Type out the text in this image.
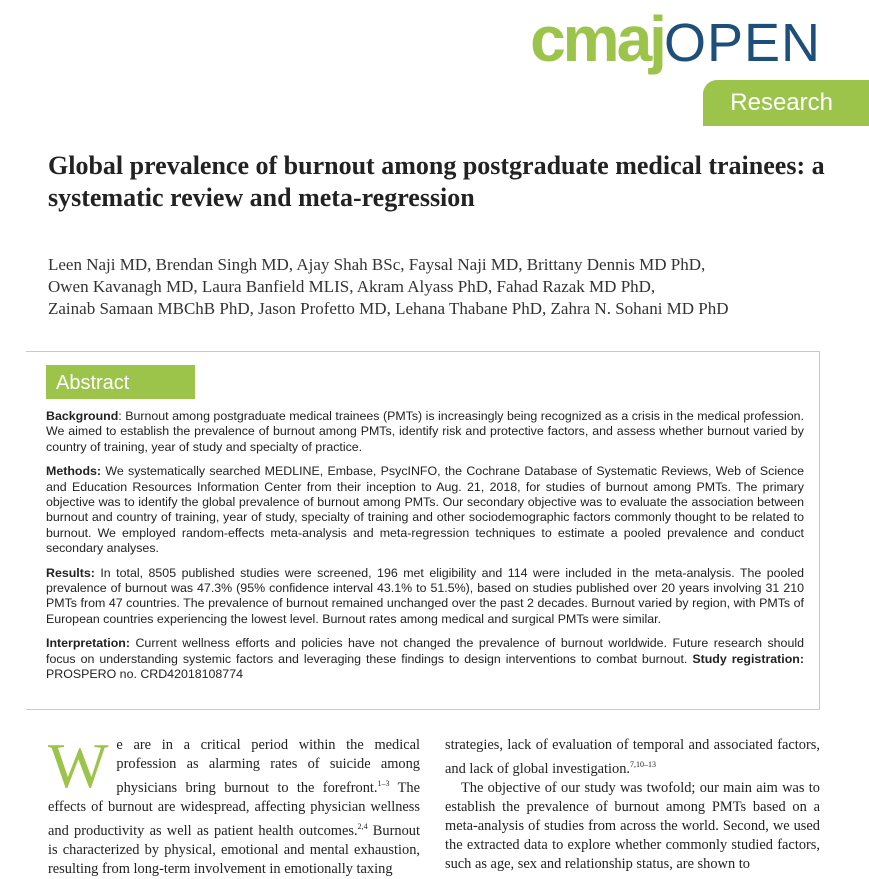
cmajOPEN
Research
Global prevalence of burnout among postgraduate medical trainees: a systematic review and meta-regression
Leen Naji MD, Brendan Singh MD, Ajay Shah BSc, Faysal Naji MD, Brittany Dennis MD PhD,
Owen Kavanagh MD, Laura Banfield MLIS, Akram Alyass PhD, Fahad Razak MD PhD,
Zainab Samaan MBChB PhD, Jason Profetto MD, Lehana Thabane PhD, Zahra N. Sohani MD PhD
Abstract

Background: Burnout among postgraduate medical trainees (PMTs) is increasingly being recognized as a crisis in the medical profession. We aimed to establish the prevalence of burnout among PMTs, identify risk and protective factors, and assess whether burnout varied by country of training, year of study and specialty of practice.

Methods: We systematically searched MEDLINE, Embase, PsycINFO, the Cochrane Database of Systematic Reviews, Web of Science and Education Resources Information Center from their inception to Aug. 21, 2018, for studies of burnout among PMTs. The primary objective was to identify the global prevalence of burnout among PMTs. Our secondary objective was to evaluate the association between burnout and country of training, year of study, specialty of training and other sociodemographic factors commonly thought to be related to burnout. We employed random-effects meta-analysis and meta-regression techniques to estimate a pooled prevalence and conduct secondary analyses.

Results: In total, 8505 published studies were screened, 196 met eligibility and 114 were included in the meta-analysis. The pooled prevalence of burnout was 47.3% (95% confidence interval 43.1% to 51.5%), based on studies published over 20 years involving 31 210 PMTs from 47 countries. The prevalence of burnout remained unchanged over the past 2 decades. Burnout varied by region, with PMTs of European countries experiencing the lowest level. Burnout rates among medical and surgical PMTs were similar.

Interpretation: Current wellness efforts and policies have not changed the prevalence of burnout worldwide. Future research should focus on understanding systemic factors and leveraging these findings to design interventions to combat burnout. Study registration: PROSPERO no. CRD42018108774

We are in a critical period within the medical profession as alarming rates of suicide among physicians bring burnout to the forefront.$^{1-3}$ The effects of burnout are widespread, affecting physician wellness and productivity as well as patient health outcomes.$^{2,4}$ Burnout is characterized by physical, emotional and mental exhaustion, resulting from long-term involvement in emotionally taxing
strategies, lack of evaluation of temporal and associated factors, and lack of global investigation.$^{7,10-13}$
The objective of our study was twofold; our main aim was to establish the prevalence of burnout among PMTs based on a meta-analysis of studies from across the world. Second, we used the extracted data to explore whether commonly studied factors, such as age, sex and relationship status, are shown to
